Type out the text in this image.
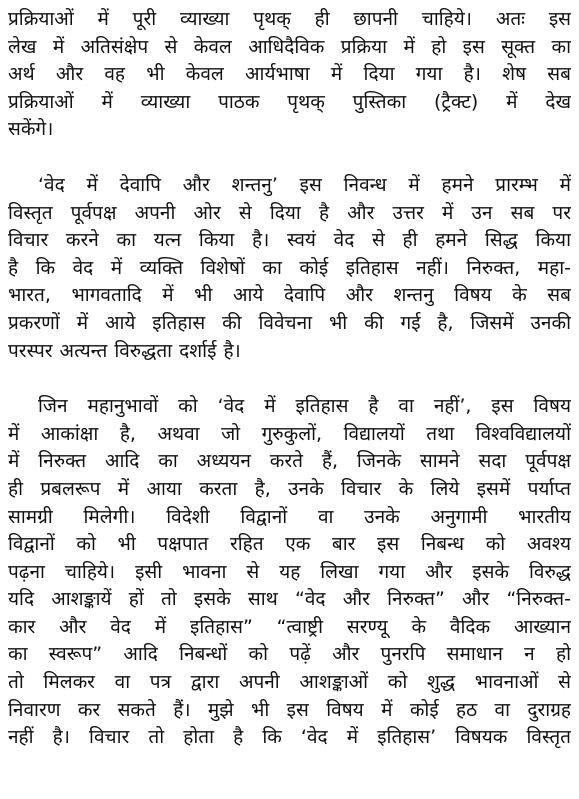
प्रक्रियाओं में पूरी व्याख्या पृथक् ही छापनी चाहिये। अतः इस
लेख में अतिसंक्षेप से केवल आधिदैविक प्रक्रिया में हो इस सूक्त का
अर्थ और वह भी केवल आर्यभाषा में दिया गया है। शेष सब
प्रक्रियाओं में व्याख्या पाठक पृथक् पुस्तिका (ट्रैक्ट) में देख
सकेंगे।

‘वेद में देवापि और शन्तनु’ इस निवन्ध में हमने प्रारम्भ में
विस्तृत पूर्वपक्ष अपनी ओर से दिया है और उत्तर में उन सब पर
विचार करने का यत्न किया है। स्वयं वेद से ही हमने सिद्ध किया
है कि वेद में व्यक्ति विशेषों का कोई इतिहास नहीं। निरुक्त, महा-
भारत, भागवतादि में भी आये देवापि और शन्तनु विषय के सब
प्रकरणों में आये इतिहास की विवेचना भी की गई है, जिसमें उनकी
परस्पर अत्यन्त विरुद्धता दर्शाई है।

जिन महानुभावों को ‘वेद में इतिहास है वा नहीं’, इस विषय
में आकांक्षा है, अथवा जो गुरुकुलों, विद्यालयों तथा विश्वविद्यालयों
में निरुक्त आदि का अध्ययन करते हैं, जिनके सामने सदा पूर्वपक्ष
ही प्रबलरूप में आया करता है, उनके विचार के लिये इसमें पर्याप्त
सामग्री मिलेगी। विदेशी विद्वानों वा उनके अनुगामी भारतीय
विद्वानों को भी पक्षपात रहित एक बार इस निबन्ध को अवश्य
पढ़ना चाहिये। इसी भावना से यह लिखा गया और इसके विरुद्ध
यदि आशङ्कायें हों तो इसके साथ “वेद और निरुक्त” और “निरुक्त-
कार और वेद में इतिहास” “त्वाष्ट्री सरण्यू के वैदिक आख्यान
का स्वरूप” आदि निबन्धों को पढ़ें और पुनरपि समाधान न हो
तो मिलकर वा पत्र द्वारा अपनी आशङ्काओं को शुद्ध भावनाओं से
निवारण कर सकते हैं। मुझे भी इस विषय में कोई हठ वा दुराग्रह
नहीं है। विचार तो होता है कि ‘वेद में इतिहास’ विषयक विस्तृत
